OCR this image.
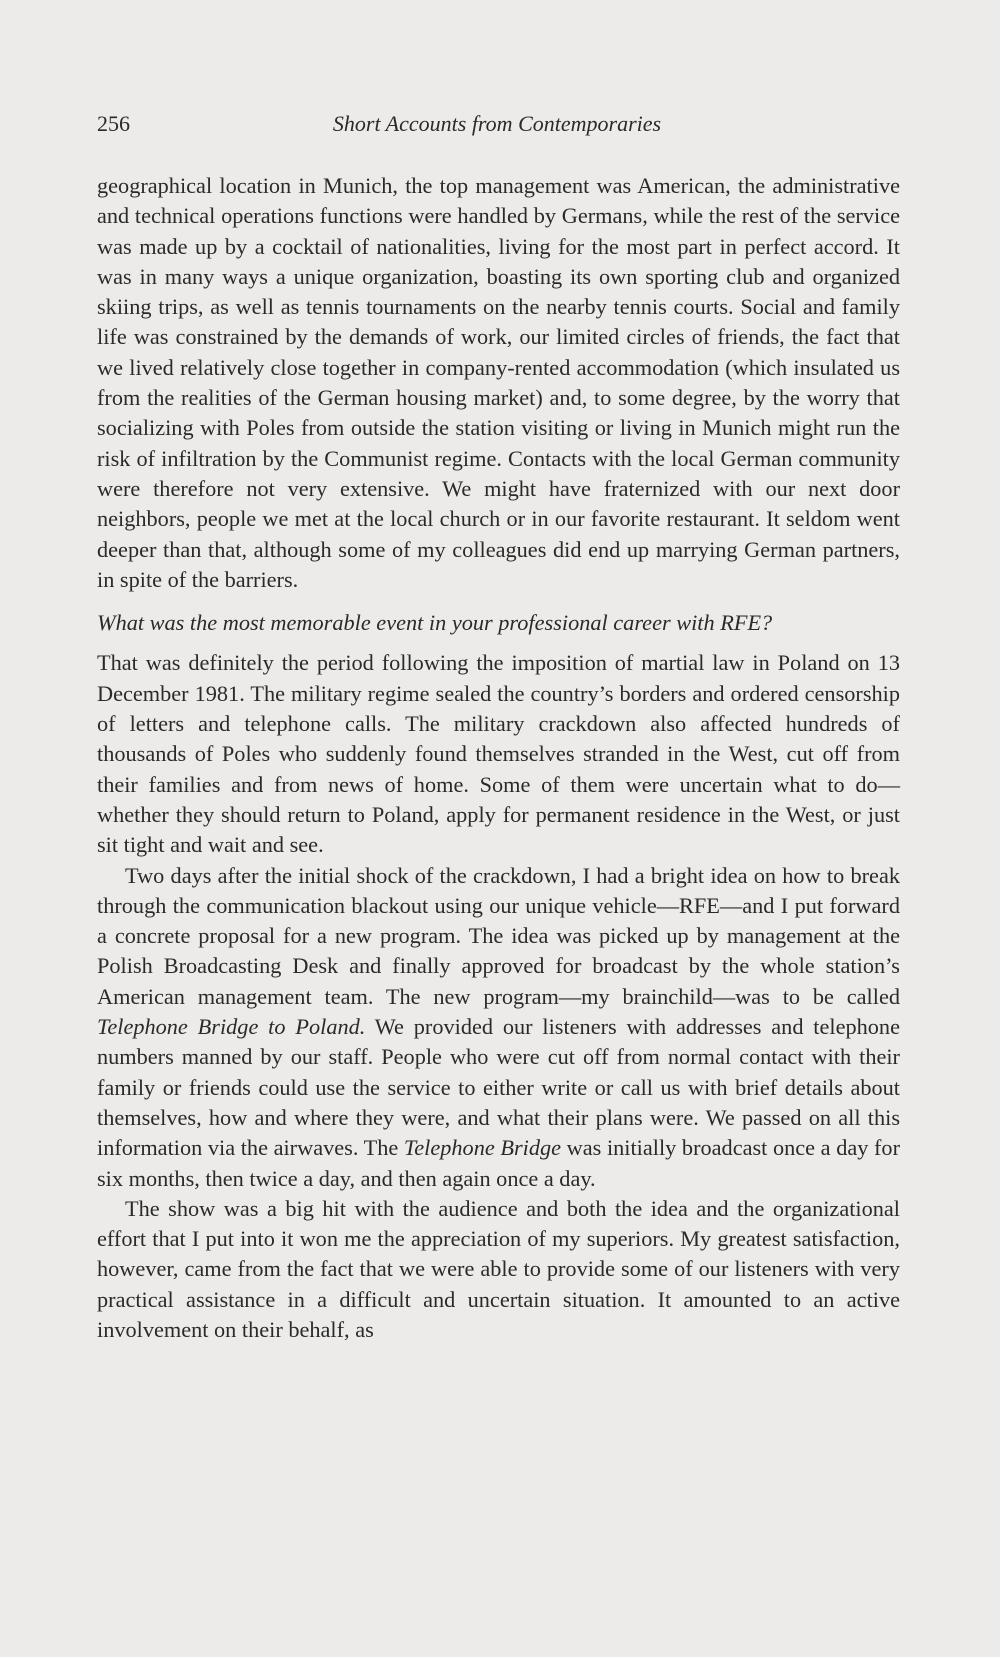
256	Short Accounts from Contemporaries

geographical location in Munich, the top management was American, the administrative and technical operations functions were handled by Germans, while the rest of the service was made up by a cocktail of nationalities, living for the most part in perfect accord. It was in many ways a unique organization, boasting its own sporting club and organized skiing trips, as well as tennis tournaments on the nearby tennis courts. Social and family life was constrained by the demands of work, our limited circles of friends, the fact that we lived relatively close together in company-rented accommodation (which insulated us from the realities of the German housing market) and, to some degree, by the worry that socializing with Poles from outside the station visiting or living in Munich might run the risk of infiltration by the Communist regime. Contacts with the local German community were therefore not very extensive. We might have fraternized with our next door neighbors, people we met at the local church or in our favorite restaurant. It seldom went deeper than that, although some of my colleagues did end up marrying German partners, in spite of the barriers.

What was the most memorable event in your professional career with RFE?

That was definitely the period following the imposition of martial law in Poland on 13 December 1981. The military regime sealed the country’s borders and ordered censorship of letters and telephone calls. The military crackdown also affected hundreds of thousands of Poles who suddenly found themselves stranded in the West, cut off from their families and from news of home. Some of them were uncertain what to do—whether they should return to Poland, apply for permanent residence in the West, or just sit tight and wait and see.

Two days after the initial shock of the crackdown, I had a bright idea on how to break through the communication blackout using our unique vehicle—RFE—and I put forward a concrete proposal for a new program. The idea was picked up by management at the Polish Broadcasting Desk and finally approved for broadcast by the whole station’s American management team. The new program—my brainchild—was to be called Telephone Bridge to Poland. We provided our listeners with addresses and telephone numbers manned by our staff. People who were cut off from normal contact with their family or friends could use the service to either write or call us with brief details about themselves, how and where they were, and what their plans were. We passed on all this information via the airwaves. The Telephone Bridge was initially broadcast once a day for six months, then twice a day, and then again once a day.

The show was a big hit with the audience and both the idea and the organizational effort that I put into it won me the appreciation of my superiors. My greatest satisfaction, however, came from the fact that we were able to provide some of our listeners with very practical assistance in a difficult and uncertain situation. It amounted to an active involvement on their behalf, as
